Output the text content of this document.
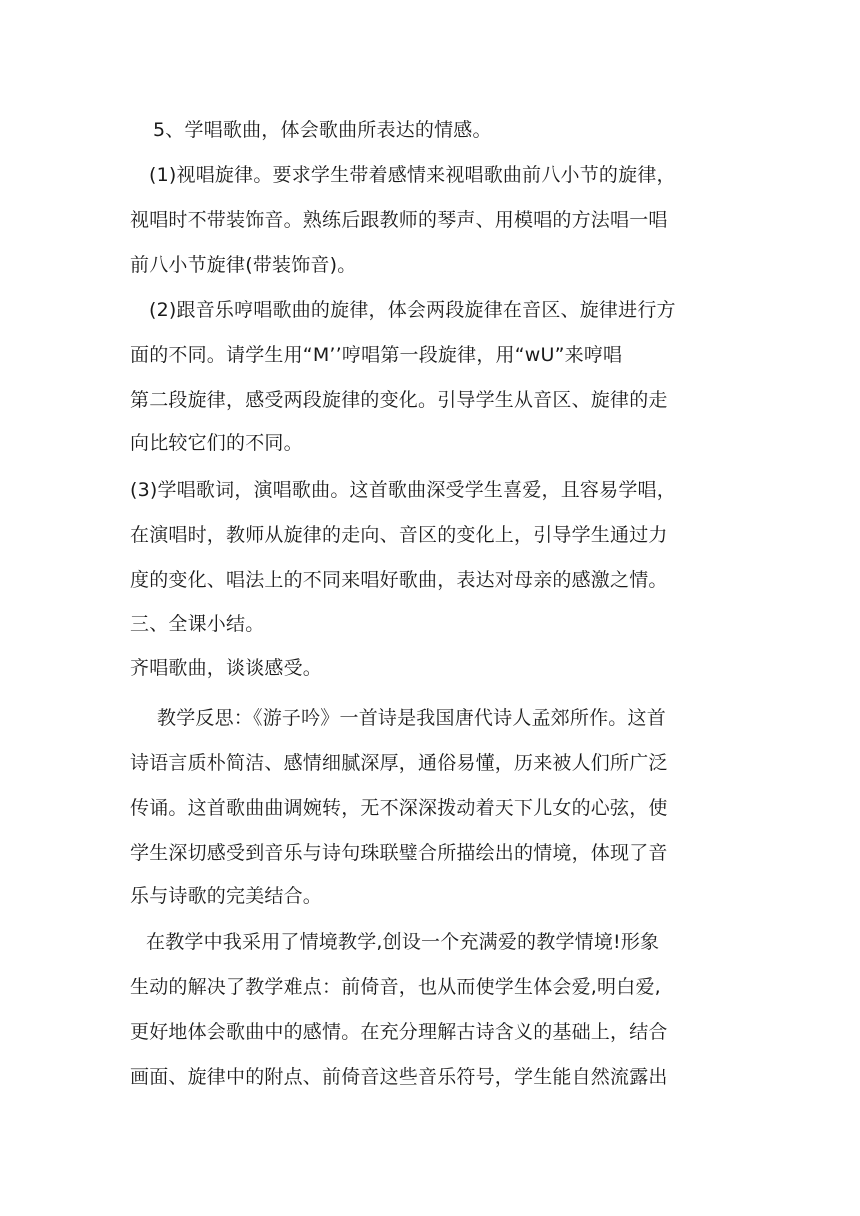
5、学唱歌曲，体会歌曲所表达的情感。
(1)视唱旋律。要求学生带着感情来视唱歌曲前八小节的旋律，
视唱时不带装饰音。熟练后跟教师的琴声、用模唱的方法唱一唱
前八小节旋律(带装饰音)。
(2)跟音乐哼唱歌曲的旋律，体会两段旋律在音区、旋律进行方
面的不同。请学生用“M’’哼唱第一段旋律，用“wU”来哼唱
第二段旋律，感受两段旋律的变化。引导学生从音区、旋律的走
向比较它们的不同。
(3)学唱歌词，演唱歌曲。这首歌曲深受学生喜爱，且容易学唱，
在演唱时，教师从旋律的走向、音区的变化上，引导学生通过力
度的变化、唱法上的不同来唱好歌曲，表达对母亲的感激之情。
三、全课小结。
齐唱歌曲，谈谈感受。
教学反思：《游子吟》一首诗是我国唐代诗人孟郊所作。这首
诗语言质朴简洁、感情细腻深厚，通俗易懂，历来被人们所广泛
传诵。这首歌曲曲调婉转，无不深深拨动着天下儿女的心弦，使
学生深切感受到音乐与诗句珠联璧合所描绘出的情境，体现了音
乐与诗歌的完美结合。
在教学中我采用了情境教学,创设一个充满爱的教学情境!形象
生动的解决了教学难点：前倚音，也从而使学生体会爱,明白爱,
更好地体会歌曲中的感情。在充分理解古诗含义的基础上，结合
画面、旋律中的附点、前倚音这些音乐符号，学生能自然流露出
